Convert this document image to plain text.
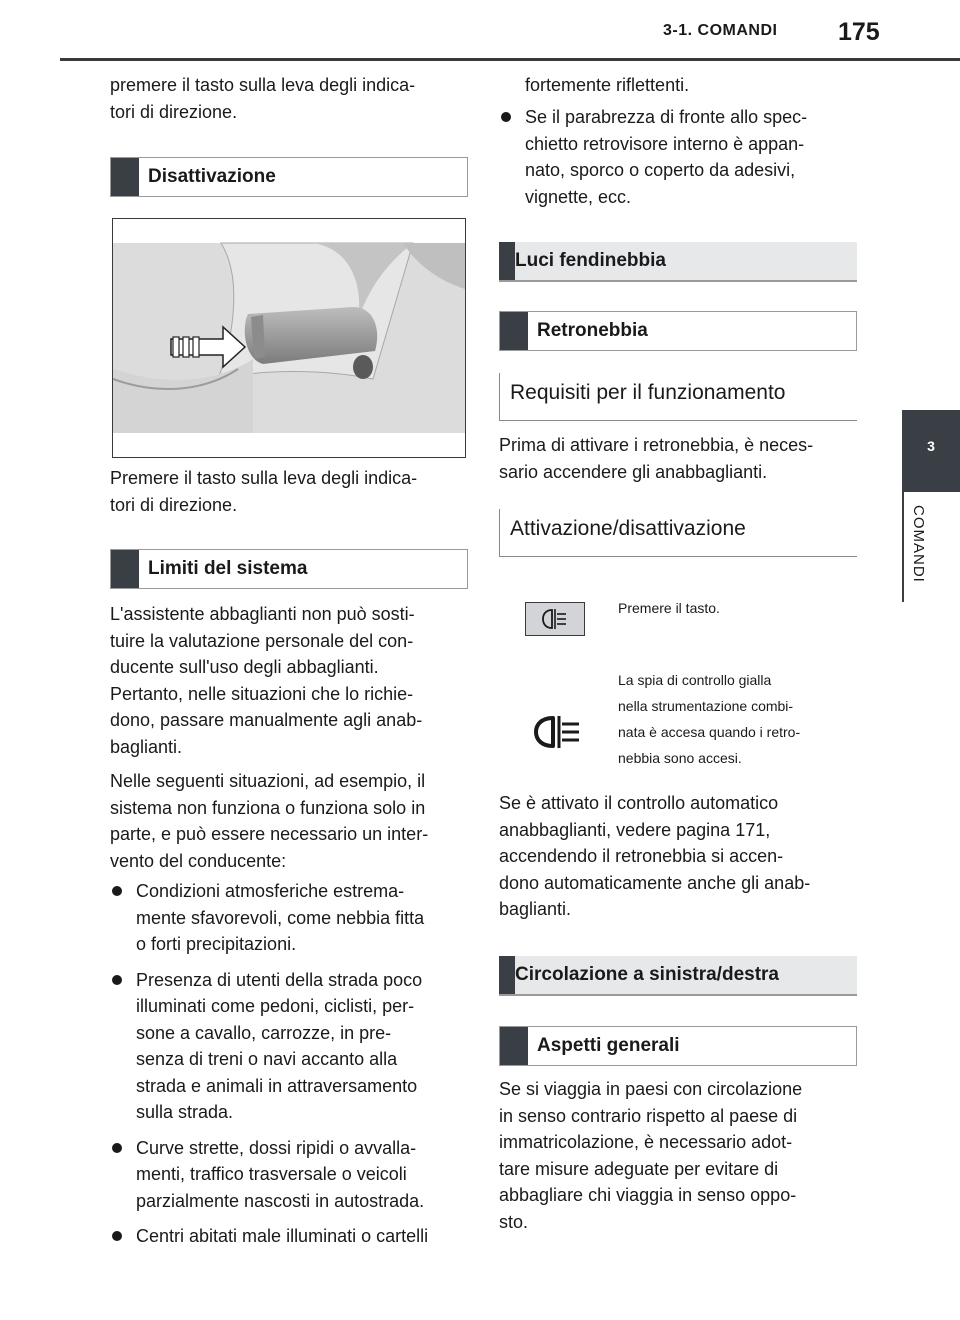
3-1. COMANDI 175
3
COMANDI
premere il tasto sulla leva degli indica-
tori di direzione.
Disattivazione
Premere il tasto sulla leva degli indica-
tori di direzione.
Limiti del sistema
L'assistente abbaglianti non può sosti-
tuire la valutazione personale del con-
ducente sull'uso degli abbaglianti.
Pertanto, nelle situazioni che lo richie-
dono, passare manualmente agli anab-
baglianti.
Nelle seguenti situazioni, ad esempio, il
sistema non funziona o funziona solo in
parte, e può essere necessario un inter-
vento del conducente:
Condizioni atmosferiche estrema-
mente sfavorevoli, come nebbia fitta
o forti precipitazioni.
Presenza di utenti della strada poco
illuminati come pedoni, ciclisti, per-
sone a cavallo, carrozze, in pre-
senza di treni o navi accanto alla
strada e animali in attraversamento
sulla strada.
Curve strette, dossi ripidi o avvalla-
menti, traffico trasversale o veicoli
parzialmente nascosti in autostrada.
Centri abitati male illuminati o cartelli
fortemente riflettenti.
Se il parabrezza di fronte allo spec-
chietto retrovisore interno è appan-
nato, sporco o coperto da adesivi,
vignette, ecc.
Luci fendinebbia
Retronebbia
Requisiti per il funzionamento
Prima di attivare i retronebbia, è neces-
sario accendere gli anabbaglianti.
Attivazione/disattivazione
Premere il tasto.
La spia di controllo gialla
nella strumentazione combi-
nata è accesa quando i retro-
nebbia sono accesi.
Se è attivato il controllo automatico
anabbaglianti, vedere pagina 171,
accendendo il retronebbia si accen-
dono automaticamente anche gli anab-
baglianti.
Circolazione a sinistra/destra
Aspetti generali
Se si viaggia in paesi con circolazione
in senso contrario rispetto al paese di
immatricolazione, è necessario adot-
tare misure adeguate per evitare di
abbagliare chi viaggia in senso oppo-
sto.
